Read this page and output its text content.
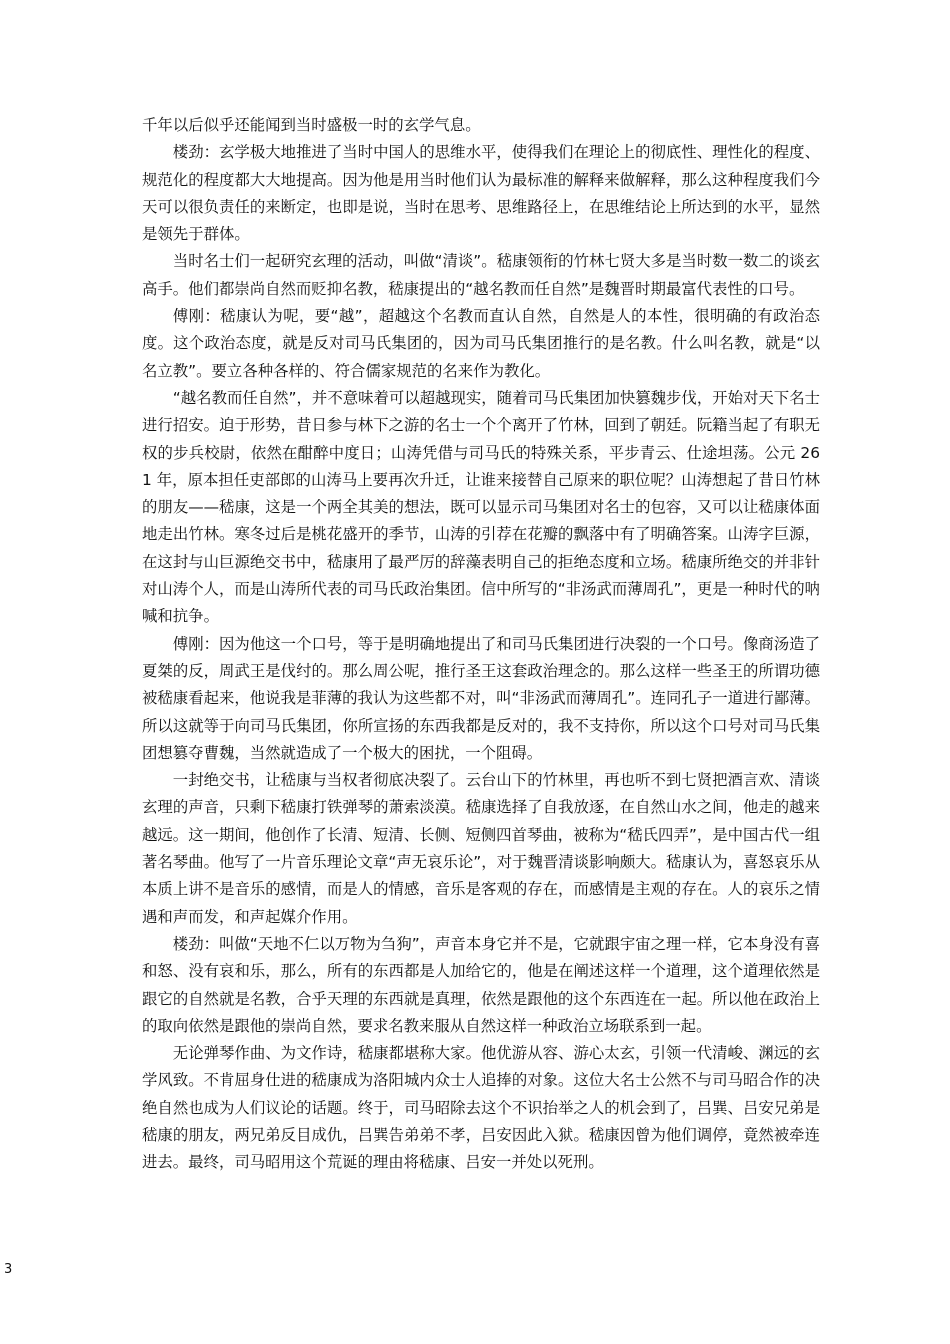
千年以后似乎还能闻到当时盛极一时的玄学气息。

楼劲：玄学极大地推进了当时中国人的思维水平，使得我们在理论上的彻底性、理性化的程度、规范化的程度都大大地提高。因为他是用当时他们认为最标准的解释来做解释，那么这种程度我们今天可以很负责任的来断定，也即是说，当时在思考、思维路径上，在思维结论上所达到的水平，显然是领先于群体。

当时名士们一起研究玄理的活动，叫做“清谈”。嵇康领衔的竹林七贤大多是当时数一数二的谈玄高手。他们都崇尚自然而贬抑名教，嵇康提出的“越名教而任自然”是魏晋时期最富代表性的口号。

傅刚：嵇康认为呢，要“越”，超越这个名教而直认自然，自然是人的本性，很明确的有政治态度。这个政治态度，就是反对司马氏集团的，因为司马氏集团推行的是名教。什么叫名教，就是“以名立教”。要立各种各样的、符合儒家规范的名来作为教化。

“越名教而任自然”，并不意味着可以超越现实，随着司马氏集团加快篡魏步伐，开始对天下名士进行招安。迫于形势，昔日参与林下之游的名士一个个离开了竹林，回到了朝廷。阮籍当起了有职无权的步兵校尉，依然在酣醉中度日；山涛凭借与司马氏的特殊关系，平步青云、仕途坦荡。公元 261 年，原本担任吏部郎的山涛马上要再次升迁，让谁来接替自己原来的职位呢？山涛想起了昔日竹林的朋友——嵇康，这是一个两全其美的想法，既可以显示司马集团对名士的包容，又可以让嵇康体面地走出竹林。寒冬过后是桃花盛开的季节，山涛的引荐在花瓣的飘落中有了明确答案。山涛字巨源，在这封与山巨源绝交书中，嵇康用了最严厉的辞藻表明自己的拒绝态度和立场。嵇康所绝交的并非针对山涛个人，而是山涛所代表的司马氏政治集团。信中所写的“非汤武而薄周孔”，更是一种时代的呐喊和抗争。

傅刚：因为他这一个口号，等于是明确地提出了和司马氏集团进行决裂的一个口号。像商汤造了夏桀的反，周武王是伐纣的。那么周公呢，推行圣王这套政治理念的。那么这样一些圣王的所谓功德被嵇康看起来，他说我是菲薄的我认为这些都不对，叫“非汤武而薄周孔”。连同孔子一道进行鄙薄。所以这就等于向司马氏集团，你所宣扬的东西我都是反对的，我不支持你，所以这个口号对司马氏集团想篡夺曹魏，当然就造成了一个极大的困扰，一个阻碍。

一封绝交书，让嵇康与当权者彻底决裂了。云台山下的竹林里，再也听不到七贤把酒言欢、清谈玄理的声音，只剩下嵇康打铁弹琴的萧索淡漠。嵇康选择了自我放逐，在自然山水之间，他走的越来越远。这一期间，他创作了长清、短清、长侧、短侧四首琴曲，被称为“嵇氏四弄”，是中国古代一组著名琴曲。他写了一片音乐理论文章“声无哀乐论”，对于魏晋清谈影响颇大。嵇康认为，喜怒哀乐从本质上讲不是音乐的感情，而是人的情感，音乐是客观的存在，而感情是主观的存在。人的哀乐之情遇和声而发，和声起媒介作用。

楼劲：叫做“天地不仁以万物为刍狗”，声音本身它并不是，它就跟宇宙之理一样，它本身没有喜和怒、没有哀和乐，那么，所有的东西都是人加给它的，他是在阐述这样一个道理，这个道理依然是跟它的自然就是名教，合乎天理的东西就是真理，依然是跟他的这个东西连在一起。所以他在政治上的取向依然是跟他的崇尚自然，要求名教来服从自然这样一种政治立场联系到一起。

无论弹琴作曲、为文作诗，嵇康都堪称大家。他优游从容、游心太玄，引领一代清峻、渊远的玄学风致。不肯屈身仕进的嵇康成为洛阳城内众士人追捧的对象。这位大名士公然不与司马昭合作的决绝自然也成为人们议论的话题。终于，司马昭除去这个不识抬举之人的机会到了，吕巽、吕安兄弟是嵇康的朋友，两兄弟反目成仇，吕巽告弟弟不孝，吕安因此入狱。嵇康因曾为他们调停，竟然被牵连进去。最终，司马昭用这个荒诞的理由将嵇康、吕安一并处以死刑。

3
